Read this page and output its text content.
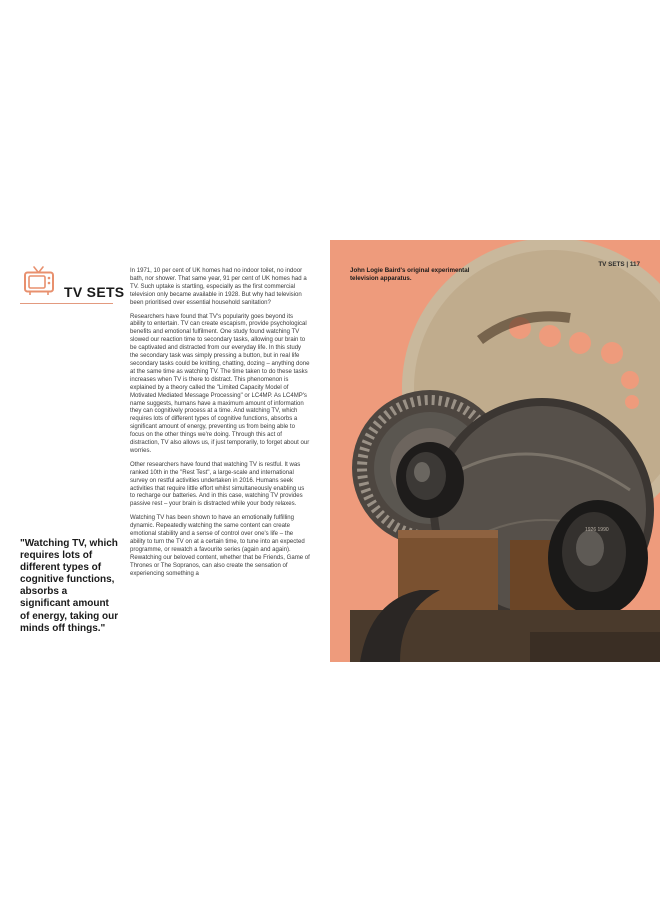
TV SETS

In 1971, 10 per cent of UK homes had no indoor toilet, no indoor bath, nor shower. That same year, 91 per cent of UK homes had a TV. Such uptake is startling, especially as the first commercial television only became available in 1928. But why had television been prioritised over essential household sanitation?

Researchers have found that TV's popularity goes beyond its ability to entertain. TV can create escapism, provide psychological benefits and emotional fulfilment. One study found watching TV slowed our reaction time to secondary tasks, allowing our brain to be captivated and distracted from our everyday life. In this study the secondary task was simply pressing a button, but in real life secondary tasks could be knitting, chatting, dozing – anything done at the same time as watching TV. The time taken to do these tasks increases when TV is there to distract. This phenomenon is explained by a theory called the "Limited Capacity Model of Motivated Mediated Message Processing" or LC4MP. As LC4MP's name suggests, humans have a maximum amount of information they can cognitively process at a time. And watching TV, which requires lots of different types of cognitive functions, absorbs a significant amount of energy, preventing us from being able to focus on the other things we're doing. Through this act of distraction, TV also allows us, if just temporarily, to forget about our worries.

Other researchers have found that watching TV is restful. It was ranked 10th in the "Rest Test", a large-scale and international survey on restful activities undertaken in 2016. Humans seek activities that require little effort whilst simultaneously enabling us to recharge our batteries. And in this case, watching TV provides passive rest – your brain is distracted while your body relaxes.

Watching TV has been shown to have an emotionally fulfilling dynamic. Repeatedly watching the same content can create emotional stability and a sense of control over one's life – the ability to turn the TV on at a certain time, to tune into an expected programme, or rewatch a favourite series (again and again). Rewatching our beloved content, whether that be Friends, Game of Thrones or The Sopranos, can also create the sensation of experiencing something a

"Watching TV, which requires lots of different types of cognitive functions, absorbs a significant amount of energy, taking our minds off things."
1926 1990
TV SETS | 117
John Logie Baird's original experimental television apparatus.
